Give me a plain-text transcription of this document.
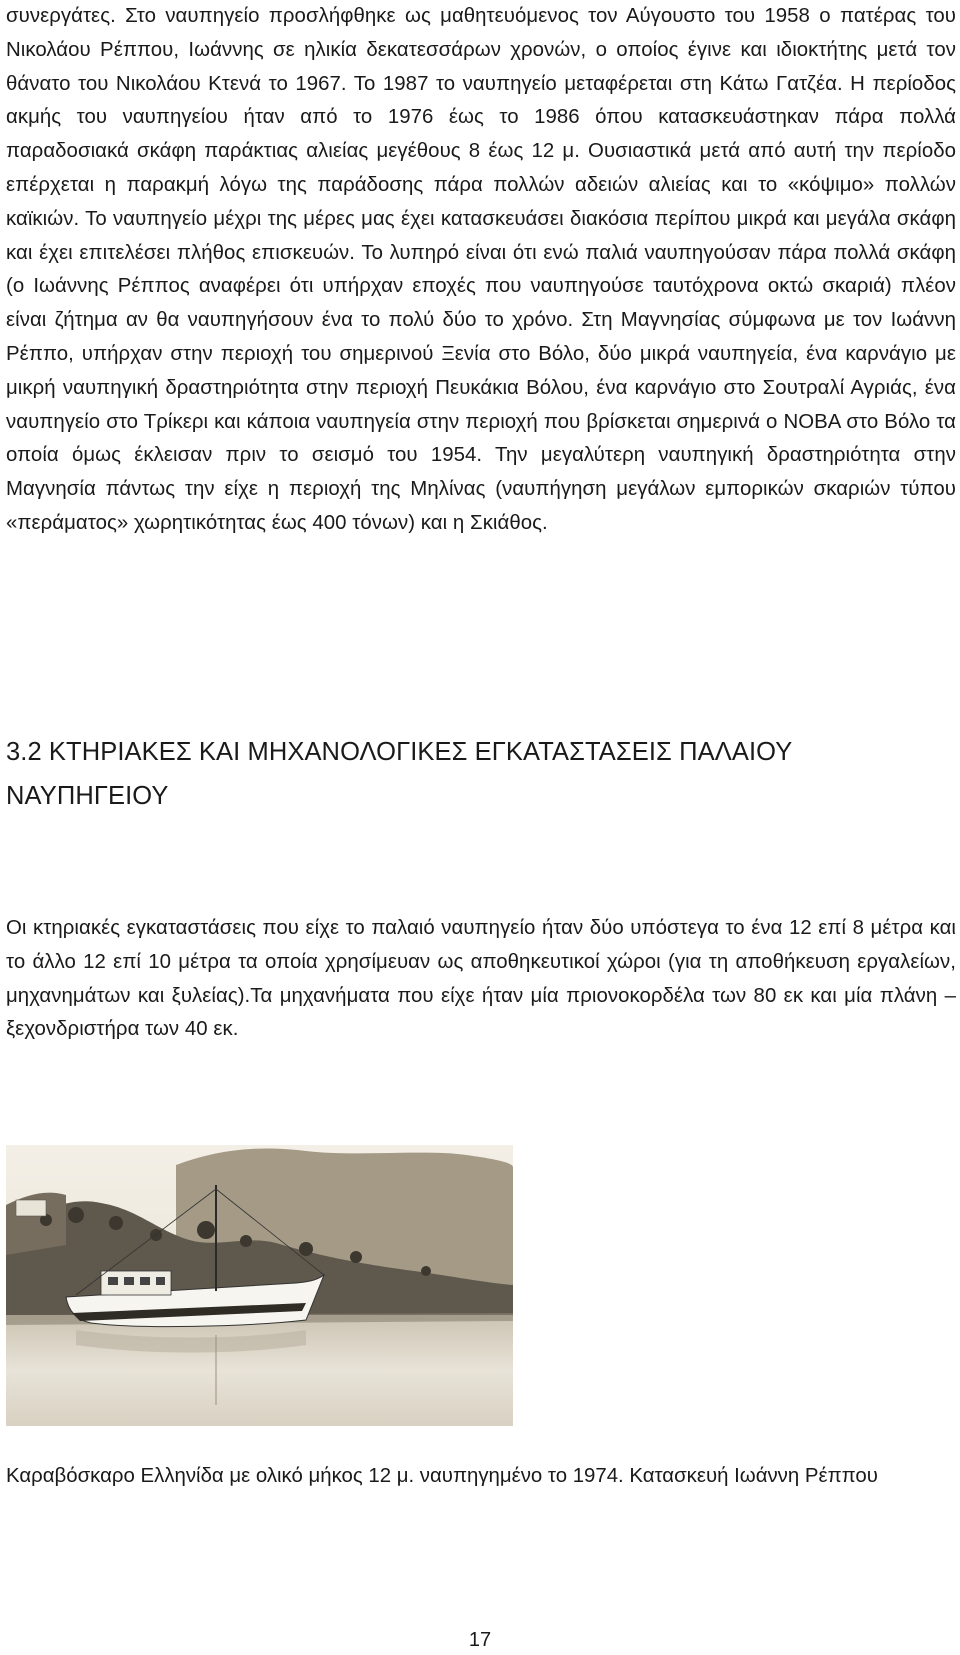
συνεργάτες. Στο ναυπηγείο προσλήφθηκε ως μαθητευόμενος τον Αύγουστο του 1958 ο πατέρας του Νικολάου Ρέππου, Ιωάννης σε ηλικία δεκατεσσάρων χρονών, ο οποίος έγινε και ιδιοκτήτης μετά τον θάνατο του Νικολάου Κτενά το 1967. Το 1987 το ναυπηγείο μεταφέρεται στη Κάτω Γατζέα. Η περίοδος ακμής του ναυπηγείου ήταν από το 1976 έως το 1986 όπου κατασκευάστηκαν πάρα πολλά παραδοσιακά σκάφη παράκτιας αλιείας μεγέθους 8 έως 12 μ. Ουσιαστικά μετά από αυτή την περίοδο επέρχεται η παρακμή λόγω της παράδοσης πάρα πολλών αδειών αλιείας και το «κόψιμο» πολλών καϊκιών. Το ναυπηγείο μέχρι της μέρες μας έχει κατασκευάσει διακόσια περίπου μικρά και μεγάλα σκάφη και έχει επιτελέσει πλήθος επισκευών. Το λυπηρό είναι ότι ενώ παλιά ναυπηγούσαν πάρα πολλά σκάφη (ο Ιωάννης Ρέππος αναφέρει ότι υπήρχαν εποχές που ναυπηγούσε ταυτόχρονα οκτώ σκαριά) πλέον είναι ζήτημα αν θα ναυπηγήσουν ένα το πολύ δύο το χρόνο. Στη Μαγνησίας σύμφωνα με τον Ιωάννη Ρέππο, υπήρχαν στην περιοχή του σημερινού Ξενία στο Βόλο, δύο μικρά ναυπηγεία, ένα καρνάγιο με μικρή ναυπηγική δραστηριότητα στην περιοχή Πευκάκια Βόλου, ένα καρνάγιο στο Σουτραλί Αγριάς, ένα ναυπηγείο στο Τρίκερι και κάποια ναυπηγεία στην περιοχή που βρίσκεται σημερινά ο ΝΟΒΑ στο Βόλο τα οποία όμως έκλεισαν πριν το σεισμό του 1954. Την μεγαλύτερη ναυπηγική δραστηριότητα στην Μαγνησία πάντως την είχε η περιοχή της Μηλίνας (ναυπήγηση μεγάλων εμπορικών σκαριών τύπου «περάματος» χωρητικότητας έως 400 τόνων) και η Σκιάθος.

3.2 ΚΤΗΡΙΑΚΕΣ ΚΑΙ ΜΗΧΑΝΟΛΟΓΙΚΕΣ ΕΓΚΑΤΑΣΤΑΣΕΙΣ ΠΑΛΑΙΟΥ ΝΑΥΠΗΓΕΙΟΥ

Οι κτηριακές εγκαταστάσεις που είχε το παλαιό ναυπηγείο ήταν δύο υπόστεγα το ένα 12 επί 8 μέτρα και το άλλο 12 επί 10 μέτρα τα οποία χρησίμευαν ως αποθηκευτικοί χώροι (για τη αποθήκευση εργαλείων, μηχανημάτων και ξυλείας).Τα μηχανήματα που είχε ήταν μία πριονοκορδέλα των 80 εκ και μία πλάνη – ξεχονδριστήρα των 40 εκ.

Καραβόσκαρο Ελληνίδα με ολικό μήκος 12 μ. ναυπηγημένο το 1974. Κατασκευή Ιωάννη Ρέππου

17
